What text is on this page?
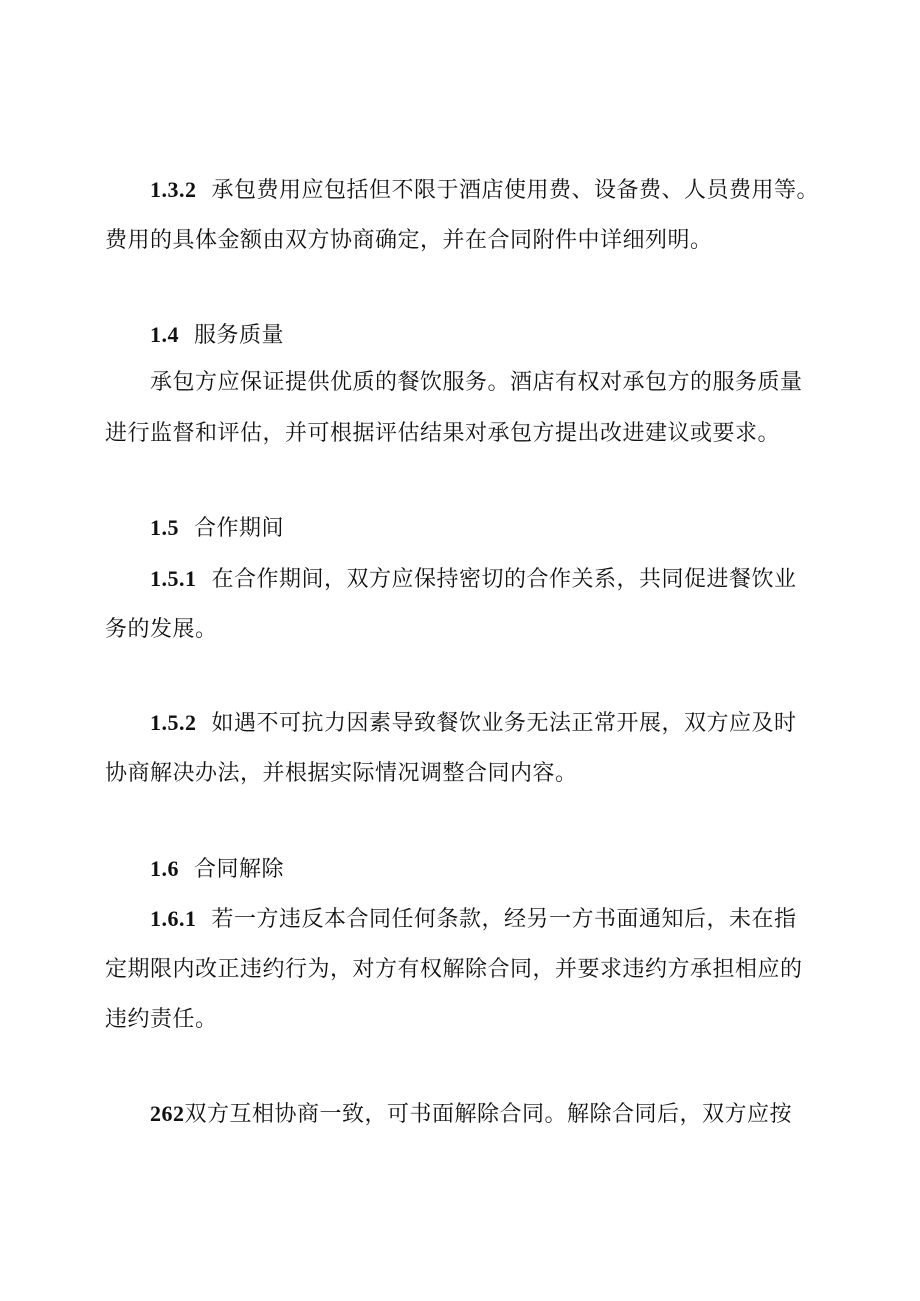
1.3.2 承包费用应包括但不限于酒店使用费、设备费、人员费用等。
费用的具体金额由双方协商确定，并在合同附件中详细列明。
1.4 服务质量
承包方应保证提供优质的餐饮服务。酒店有权对承包方的服务质量
进行监督和评估，并可根据评估结果对承包方提出改进建议或要求。
1.5 合作期间
1.5.1 在合作期间，双方应保持密切的合作关系，共同促进餐饮业
务的发展。
1.5.2 如遇不可抗力因素导致餐饮业务无法正常开展，双方应及时
协商解决办法，并根据实际情况调整合同内容。
1.6 合同解除
1.6.1 若一方违反本合同任何条款，经另一方书面通知后，未在指
定期限内改正违约行为，对方有权解除合同，并要求违约方承担相应的
违约责任。
262双方互相协商一致，可书面解除合同。解除合同后，双方应按
